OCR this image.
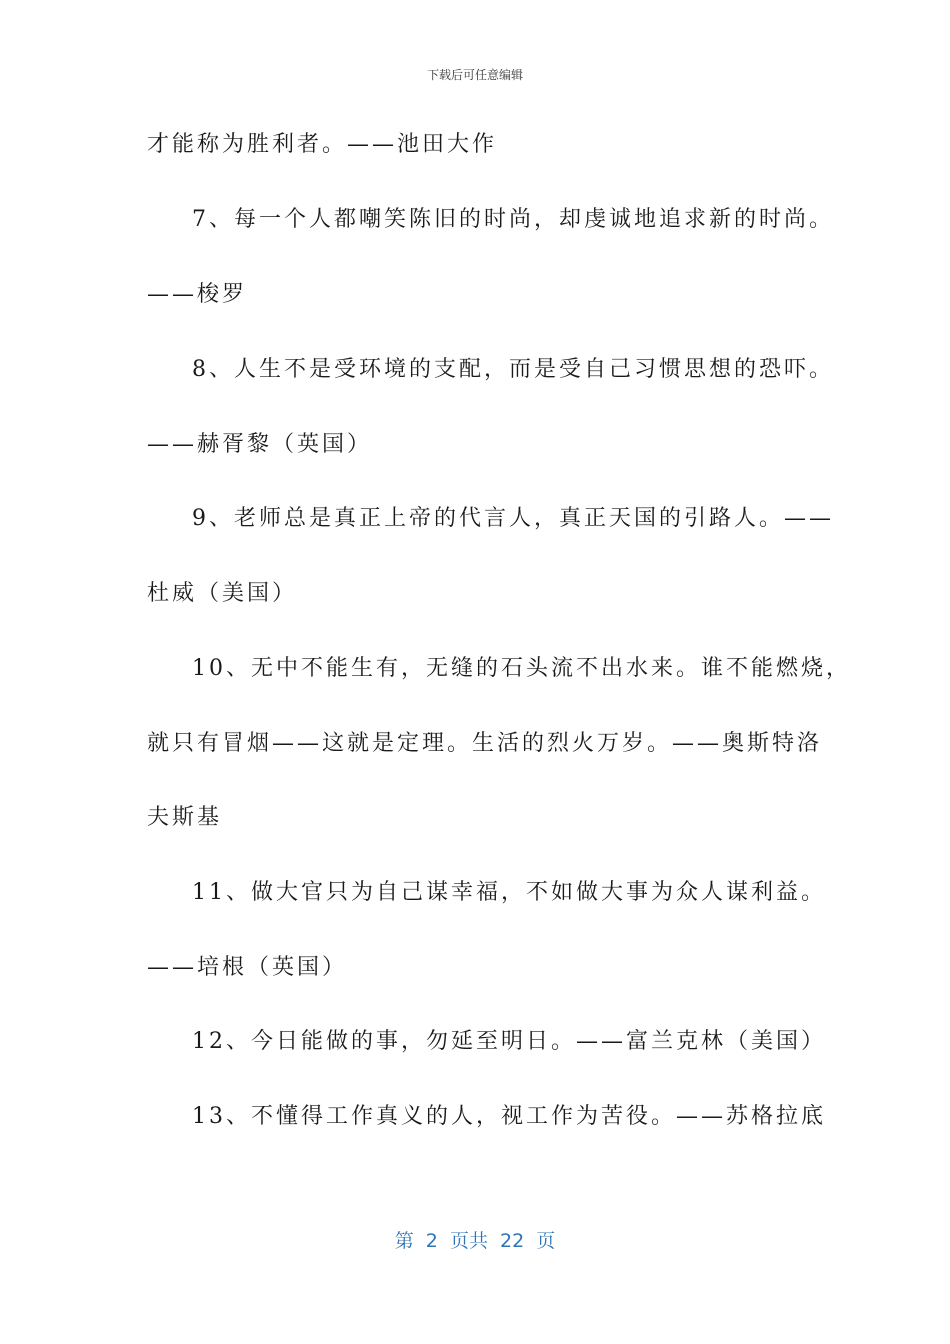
下载后可任意编辑
才能称为胜利者。——池田大作
7、每一个人都嘲笑陈旧的时尚，却虔诚地追求新的时尚。
——梭罗
8、人生不是受环境的支配，而是受自己习惯思想的恐吓。
——赫胥黎（英国）
9、老师总是真正上帝的代言人，真正天国的引路人。——
杜威（美国）
10、无中不能生有，无缝的石头流不出水来。谁不能燃烧，
就只有冒烟——这就是定理。生活的烈火万岁。——奥斯特洛
夫斯基
11、做大官只为自己谋幸福，不如做大事为众人谋利益。
——培根（英国）
12、今日能做的事，勿延至明日。——富兰克林（美国）
13、不懂得工作真义的人，视工作为苦役。——苏格拉底
第  2  页共  22  页
